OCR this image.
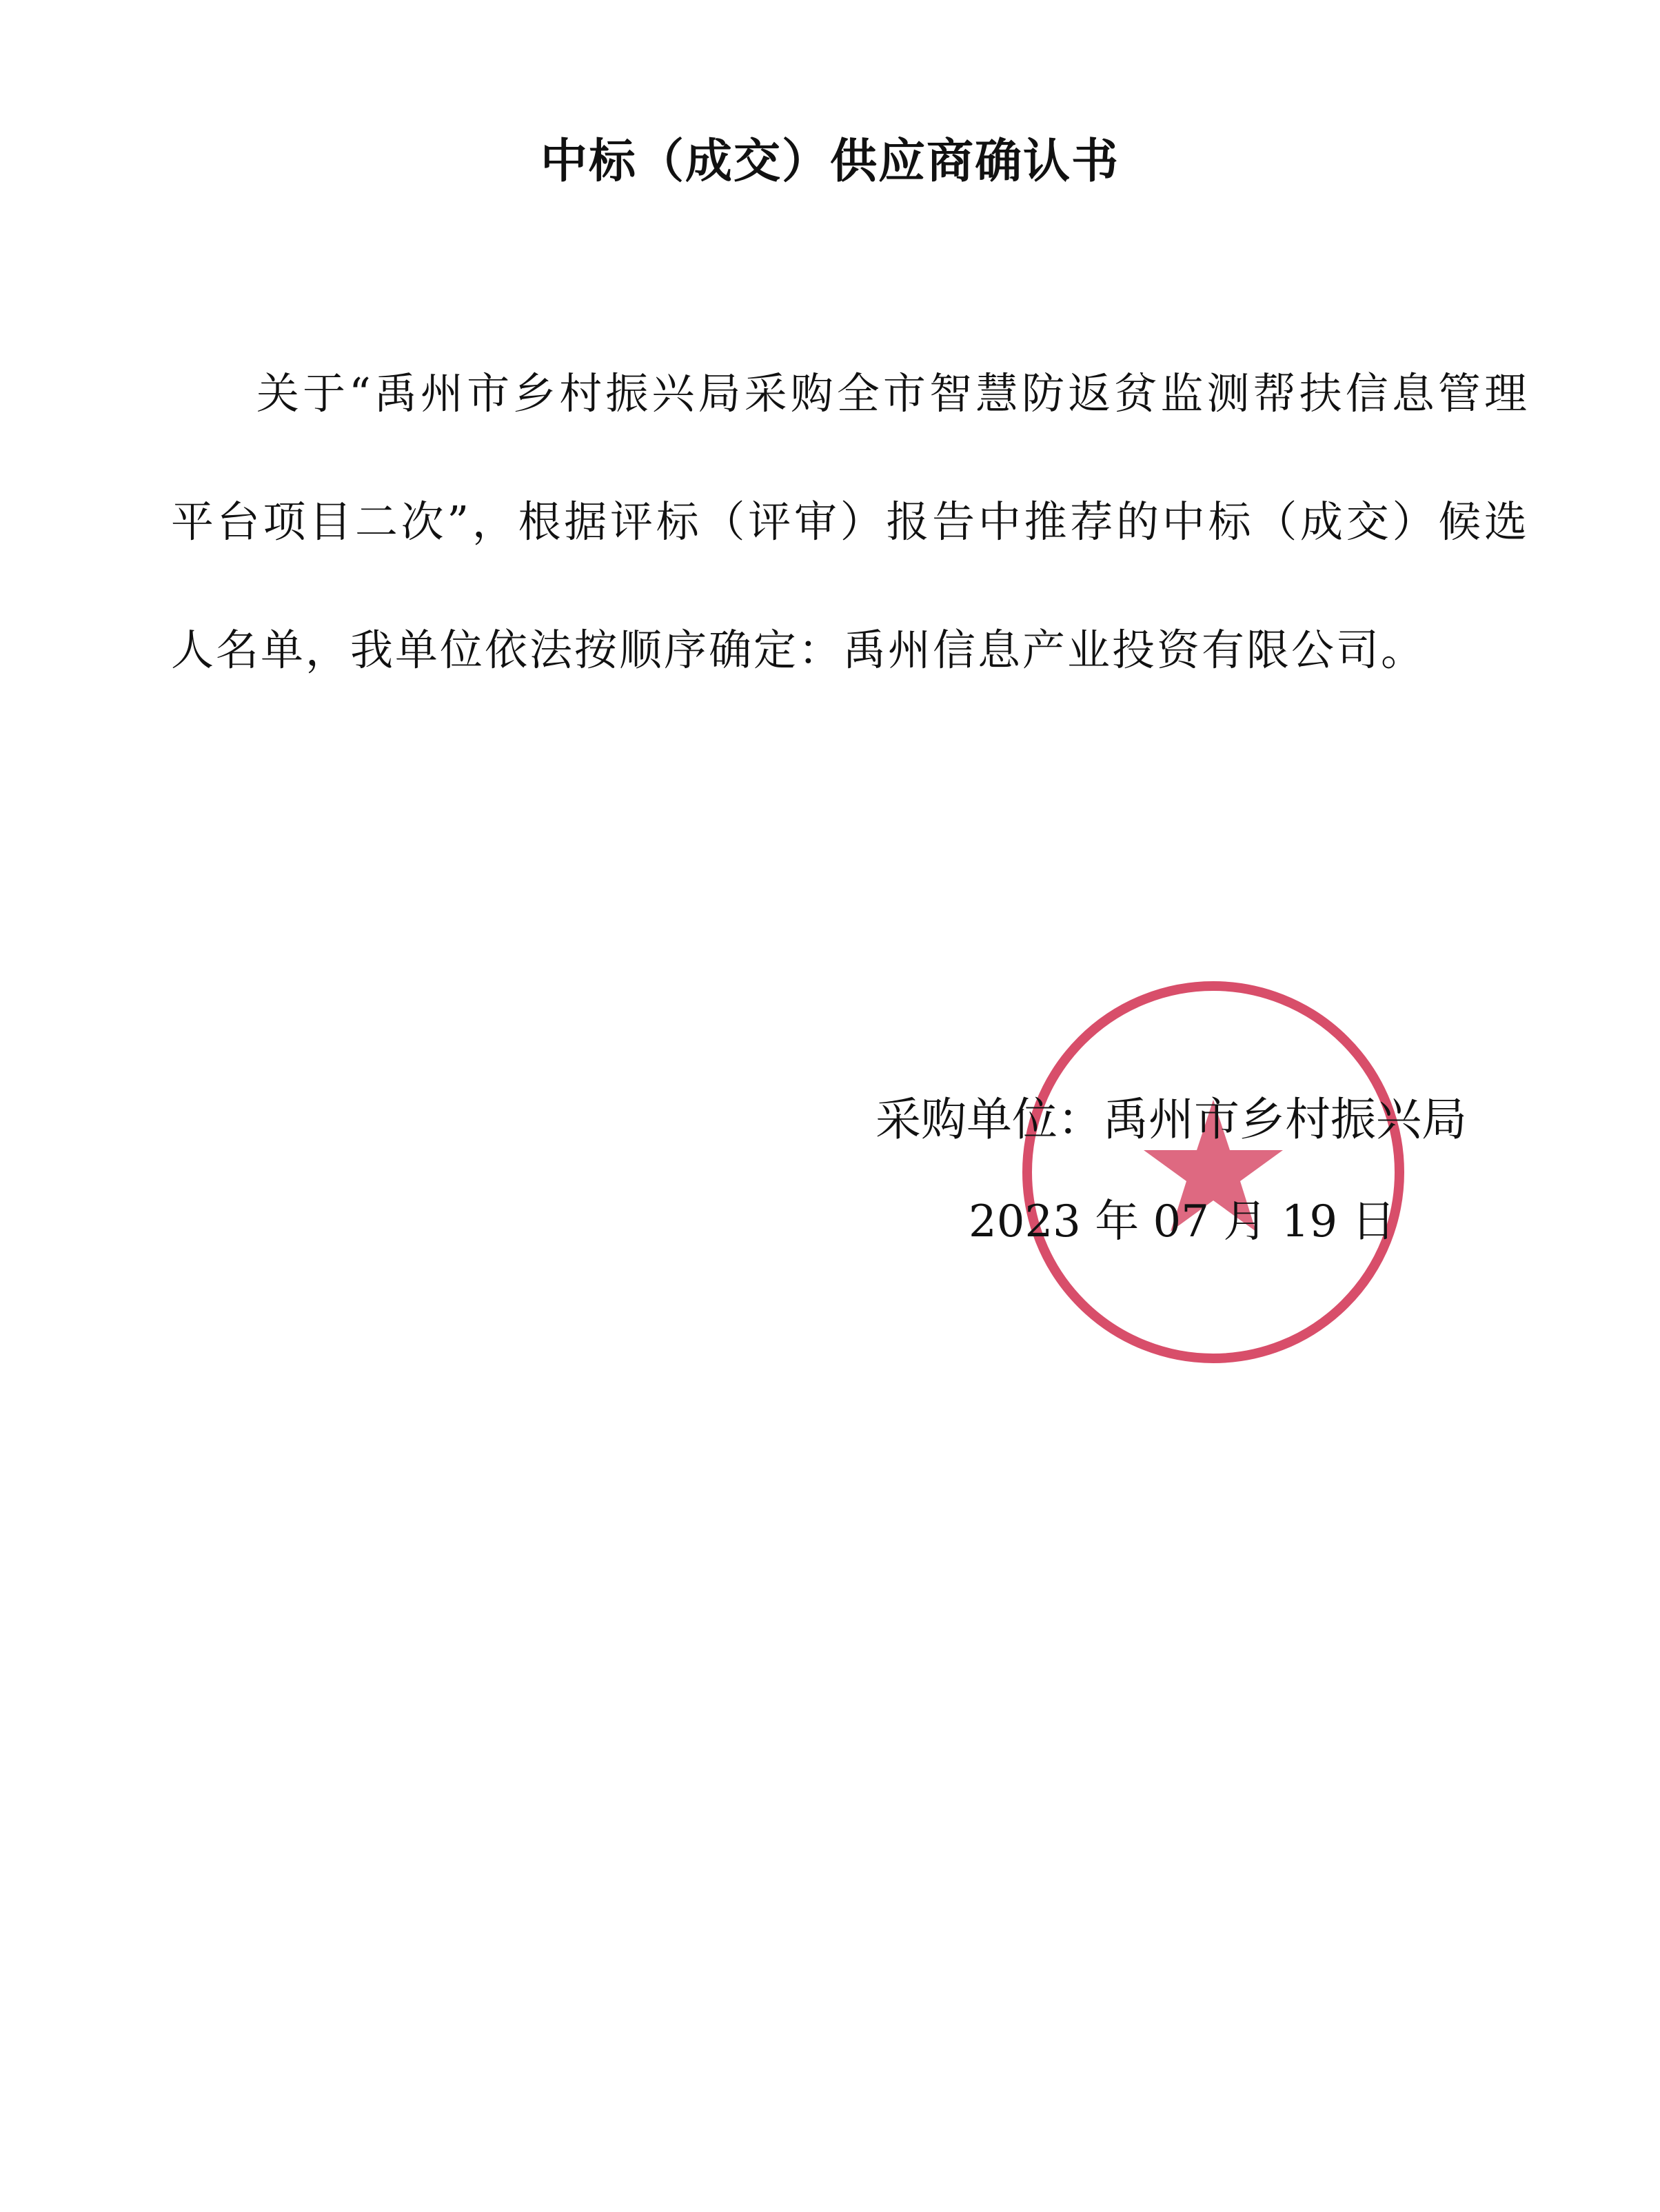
中标（成交）供应商确认书
关于“禹州市乡村振兴局采购全市智慧防返贫监测帮扶信息管理平台项目二次”，根据评标（评审）报告中推荐的中标（成交）候选人名单，我单位依法按顺序确定：禹州信息产业投资有限公司。
采购单位：禹州市乡村振兴局
2023 年 07 月 19 日
